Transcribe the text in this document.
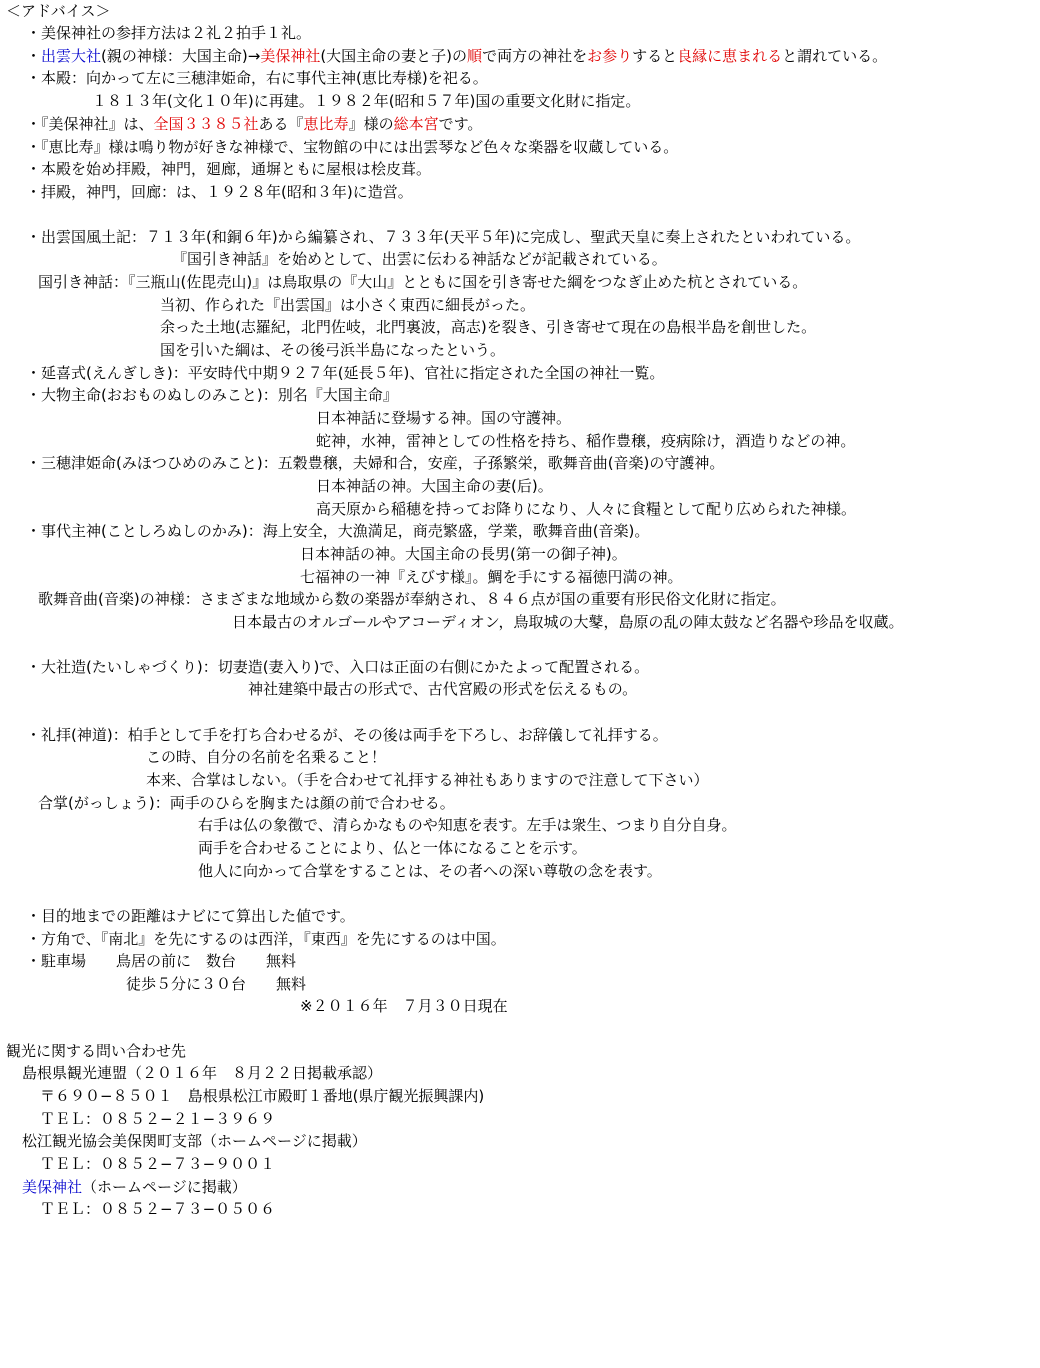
＜アドバイス＞
・美保神社の参拝方法は２礼２拍手１礼。
・出雲大社(親の神様：大国主命)→美保神社(大国主命の妻と子)の順で両方の神社をお参りすると良縁に恵まれると謂れている。
・本殿：向かって左に三穂津姫命，右に事代主神(恵比寿様)を祀る。
１８１３年(文化１０年)に再建。１９８２年(昭和５７年)国の重要文化財に指定。
・『美保神社』は、全国３３８５社ある『恵比寿』様の総本宮です。
・『恵比寿』様は鳴り物が好きな神様で、宝物館の中には出雲琴など色々な楽器を収蔵している。
・本殿を始め拝殿，神門，廻廊，通塀ともに屋根は桧皮葺。
・拝殿，神門，回廊：は、１９２８年(昭和３年)に造営。
・出雲国風土記：７１３年(和銅６年)から編纂され、７３３年(天平５年)に完成し、聖武天皇に奏上されたといわれている。
『国引き神話』を始めとして、出雲に伝わる神話などが記載されている。
国引き神話：『三瓶山(佐毘売山)』は鳥取県の『大山』とともに国を引き寄せた綱をつなぎ止めた杭とされている。
当初、作られた『出雲国』は小さく東西に細長がった。
余った土地(志羅紀，北門佐岐，北門裏波，高志)を裂き、引き寄せて現在の島根半島を創世した。
国を引いた綱は、その後弓浜半島になったという。
・延喜式(えんぎしき)：平安時代中期９２７年(延長５年)、官社に指定された全国の神社一覧。
・大物主命(おおものぬしのみこと)：別名『大国主命』
日本神話に登場する神。国の守護神。
蛇神，水神，雷神としての性格を持ち、稲作豊穣，疫病除け，酒造りなどの神。
・三穂津姫命(みほつひめのみこと)：五穀豊穣，夫婦和合，安産，子孫繁栄，歌舞音曲(音楽)の守護神。
日本神話の神。大国主命の妻(后)。
高天原から稲穂を持ってお降りになり、人々に食糧として配り広められた神様。
・事代主神(ことしろぬしのかみ)：海上安全，大漁満足，商売繁盛，学業，歌舞音曲(音楽)。
日本神話の神。大国主命の長男(第一の御子神)。
七福神の一神『えびす様』。鯛を手にする福徳円満の神。
歌舞音曲(音楽)の神様：さまざまな地域から数の楽器が奉納され、８４６点が国の重要有形民俗文化財に指定。
日本最古のオルゴールやアコーディオン，鳥取城の大鼕，島原の乱の陣太鼓など名器や珍品を収蔵。
・大社造(たいしゃづくり)：切妻造(妻入り)で、入口は正面の右側にかたよって配置される。
神社建築中最古の形式で、古代宮殿の形式を伝えるもの。
・礼拝(神道)：柏手として手を打ち合わせるが、その後は両手を下ろし、お辞儀して礼拝する。
この時、自分の名前を名乗ること！
本来、合掌はしない。（手を合わせて礼拝する神社もありますので注意して下さい）
合掌(がっしょう)：両手のひらを胸または顔の前で合わせる。
右手は仏の象徴で、清らかなものや知恵を表す。左手は衆生、つまり自分自身。
両手を合わせることにより、仏と一体になることを示す。
他人に向かって合掌をすることは、その者への深い尊敬の念を表す。
・目的地までの距離はナビにて算出した値です。
・方角で、『南北』を先にするのは西洋，『東西』を先にするのは中国。
・駐車場　　鳥居の前に　数台　　無料
徒歩５分に３０台　　無料
※２０１６年　７月３０日現在
観光に関する問い合わせ先
島根県観光連盟（２０１６年　８月２２日掲載承認）
〒６９０−８５０１　島根県松江市殿町１番地(県庁観光振興課内)
ＴＥＬ：０８５２−２１−３９６９
松江観光協会美保関町支部（ホームページに掲載）
ＴＥＬ：０８５２−７３−９００１
美保神社（ホームページに掲載）
ＴＥＬ：０８５２−７３−０５０６
